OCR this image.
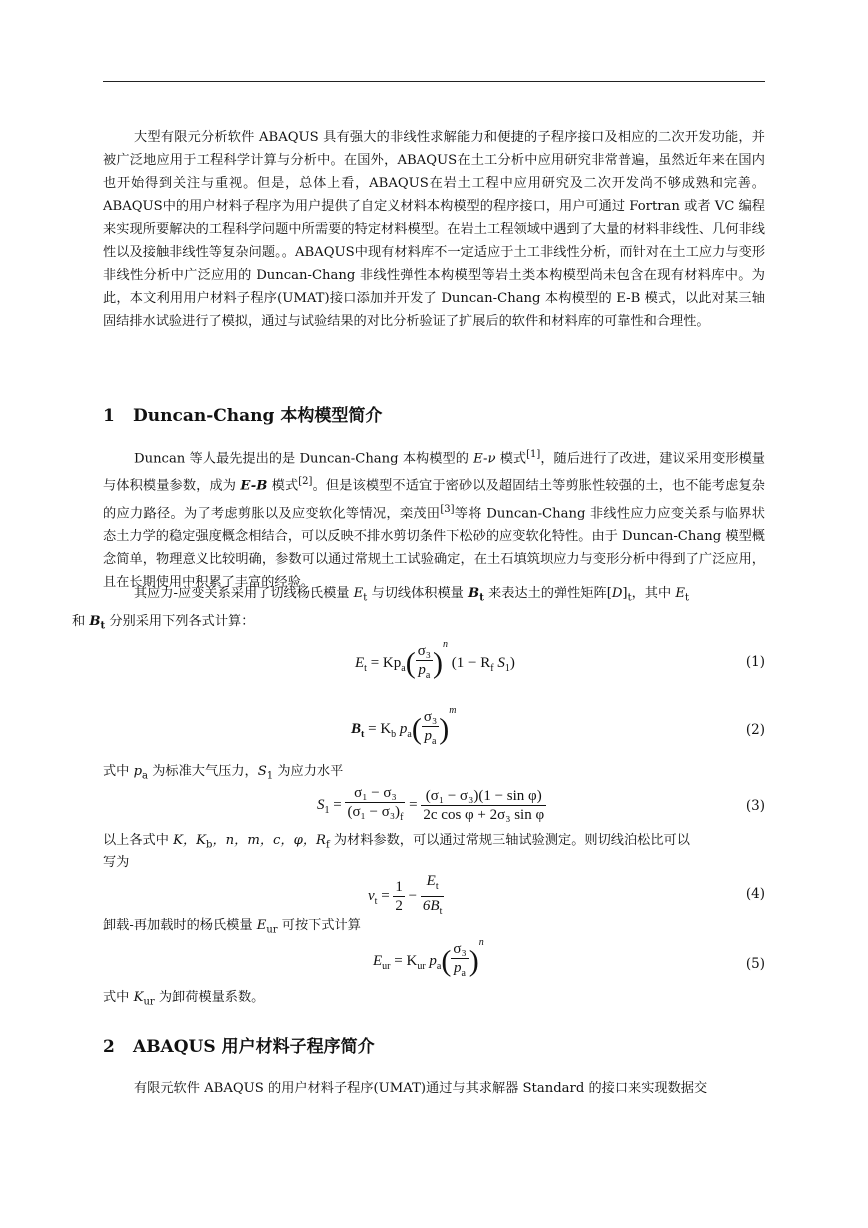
大型有限元分析软件 ABAQUS 具有强大的非线性求解能力和便捷的子程序接口及相应的二次开发功能，并被广泛地应用于工程科学计算与分析中。在国外，ABAQUS在土工分析中应用研究非常普遍，虽然近年来在国内也开始得到关注与重视。但是，总体上看，ABAQUS在岩土工程中应用研究及二次开发尚不够成熟和完善。ABAQUS中的用户材料子程序为用户提供了自定义材料本构模型的程序接口，用户可通过 Fortran 或者 VC 编程来实现所要解决的工程科学问题中所需要的特定材料模型。在岩土工程领域中遇到了大量的材料非线性、几何非线性以及接触非线性等复杂问题。。ABAQUS中现有材料库不一定适应于土工非线性分析，而针对在土工应力与变形非线性分析中广泛应用的 Duncan-Chang 非线性弹性本构模型等岩土类本构模型尚未包含在现有材料库中。为此，本文利用用户材料子程序(UMAT)接口添加并开发了 Duncan-Chang 本构模型的 E-B 模式，以此对某三轴固结排水试验进行了模拟，通过与试验结果的对比分析验证了扩展后的软件和材料库的可靠性和合理性。

1 Duncan-Chang 本构模型简介

Duncan 等人最先提出的是 Duncan-Chang 本构模型的 E-ν 模式[1]，随后进行了改进，建议采用变形模量与体积模量参数，成为 E-B 模式[2]。但是该模型不适宜于密砂以及超固结土等剪胀性较强的土，也不能考虑复杂的应力路径。为了考虑剪胀以及应变软化等情况，栾茂田[3]等将 Duncan-Chang 非线性应力应变关系与临界状态土力学的稳定强度概念相结合，可以反映不排水剪切条件下松砂的应变软化特性。由于 Duncan-Chang 模型概念简单，物理意义比较明确，参数可以通过常规土工试验确定，在土石填筑坝应力与变形分析中得到了广泛应用，且在长期使用中积累了丰富的经验。

其应力-应变关系采用了切线杨氏模量 $E_t$ 与切线体积模量 $B_t$ 来表达土的弹性矩阵$[D]_t$，其中 $E_t$
和 $B_t$ 分别采用下列各式计算：

$E_t = Kp_a( \frac{\text{σ₃}}{p_a} )^n$ ($1 - R_f$ $S_1$)	(1)
$B_t = K_b$ $p_a( \frac{\text{σ₃}}{p_a} )^m$
(2)

式中 $p_a$ 为标准大气压力，$S_1$ 为应力水平

$S_1 = \frac{\text{σ₁ − σ₃}}{(\sigma_1 - \sigma_3)_f} = \frac{\text{(σ₁ − σ₃)(1 − sin φ)}}{\text{2c cos φ + 2σ₃ sin φ}}$	(3)

以上各式中 K，$K_b$，n，m，c，φ，$R_f$ 为材料参数，可以通过常规三轴试验测定。则切线泊松比可以

写为

$\nu_t = \frac{1}{2} - \frac{E_t}{6B_t}$	(4)

卸载-再加载时的杨氏模量 $E_{ur}$ 可按下式计算

$E_{ur} = K_{ur}$ $p_a( \frac{\text{σ₃}}{p_a} )^n$
(5)

式中 $K_{ur}$ 为卸荷模量系数。

2 ABAQUS 用户材料子程序简介

有限元软件 ABAQUS 的用户材料子程序(UMAT)通过与其求解器 Standard 的接口来实现数据交
